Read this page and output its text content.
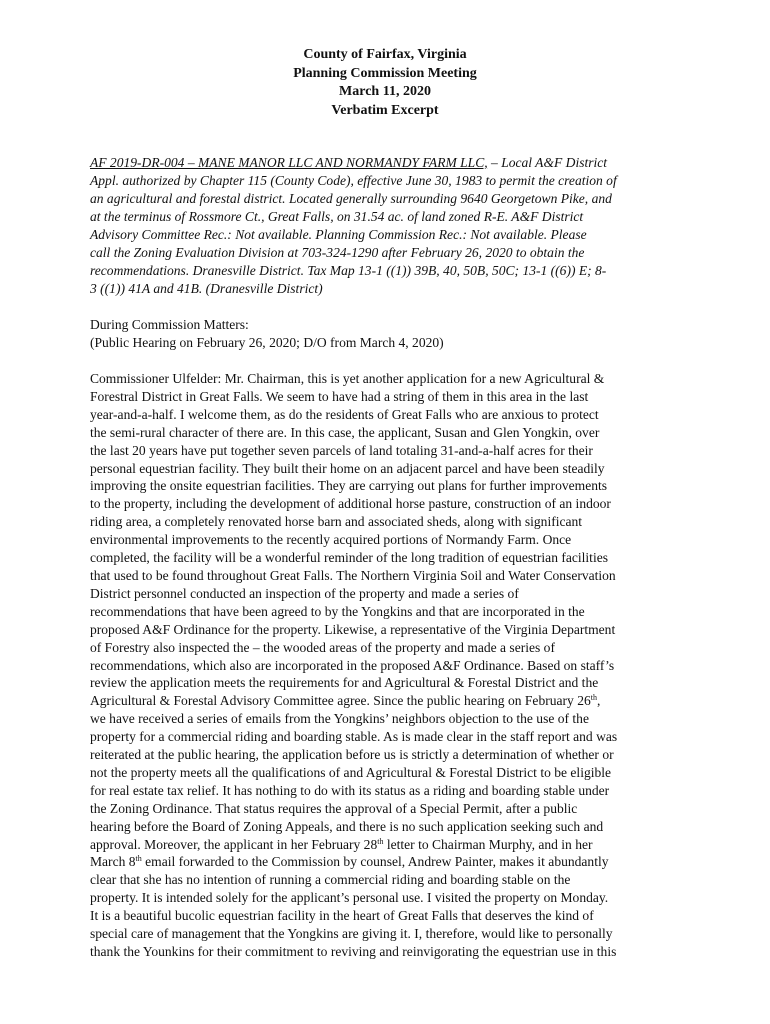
County of Fairfax, Virginia
Planning Commission Meeting
March 11, 2020
Verbatim Excerpt
AF 2019-DR-004 – MANE MANOR LLC AND NORMANDY FARM LLC, – Local A&F District
Appl. authorized by Chapter 115 (County Code), effective June 30, 1983 to permit the creation of
an agricultural and forestal district. Located generally surrounding 9640 Georgetown Pike, and
at the terminus of Rossmore Ct., Great Falls, on 31.54 ac. of land zoned R-E. A&F District
Advisory Committee Rec.: Not available. Planning Commission Rec.: Not available. Please
call the Zoning Evaluation Division at 703-324-1290 after February 26, 2020 to obtain the
recommendations. Dranesville District. Tax Map 13-1 ((1)) 39B, 40, 50B, 50C; 13-1 ((6)) E; 8-
3 ((1)) 41A and 41B. (Dranesville District)
During Commission Matters:
(Public Hearing on February 26, 2020; D/O from March 4, 2020)
Commissioner Ulfelder: Mr. Chairman, this is yet another application for a new Agricultural &
Forestral District in Great Falls. We seem to have had a string of them in this area in the last
year-and-a-half. I welcome them, as do the residents of Great Falls who are anxious to protect
the semi-rural character of there are. In this case, the applicant, Susan and Glen Yongkin, over
the last 20 years have put together seven parcels of land totaling 31-and-a-half acres for their
personal equestrian facility. They built their home on an adjacent parcel and have been steadily
improving the onsite equestrian facilities. They are carrying out plans for further improvements
to the property, including the development of additional horse pasture, construction of an indoor
riding area, a completely renovated horse barn and associated sheds, along with significant
environmental improvements to the recently acquired portions of Normandy Farm. Once
completed, the facility will be a wonderful reminder of the long tradition of equestrian facilities
that used to be found throughout Great Falls. The Northern Virginia Soil and Water Conservation
District personnel conducted an inspection of the property and made a series of
recommendations that have been agreed to by the Yongkins and that are incorporated in the
proposed A&F Ordinance for the property. Likewise, a representative of the Virginia Department
of Forestry also inspected the – the wooded areas of the property and made a series of
recommendations, which also are incorporated in the proposed A&F Ordinance. Based on staff’s
review the application meets the requirements for and Agricultural & Forestal District and the
Agricultural & Forestal Advisory Committee agree. Since the public hearing on February 26th,
we have received a series of emails from the Yongkins’ neighbors objection to the use of the
property for a commercial riding and boarding stable. As is made clear in the staff report and was
reiterated at the public hearing, the application before us is strictly a determination of whether or
not the property meets all the qualifications of and Agricultural & Forestal District to be eligible
for real estate tax relief. It has nothing to do with its status as a riding and boarding stable under
the Zoning Ordinance. That status requires the approval of a Special Permit, after a public
hearing before the Board of Zoning Appeals, and there is no such application seeking such and
approval. Moreover, the applicant in her February 28th letter to Chairman Murphy, and in her
March 8th email forwarded to the Commission by counsel, Andrew Painter, makes it abundantly
clear that she has no intention of running a commercial riding and boarding stable on the
property. It is intended solely for the applicant’s personal use. I visited the property on Monday.
It is a beautiful bucolic equestrian facility in the heart of Great Falls that deserves the kind of
special care of management that the Yongkins are giving it. I, therefore, would like to personally
thank the Younkins for their commitment to reviving and reinvigorating the equestrian use in this
